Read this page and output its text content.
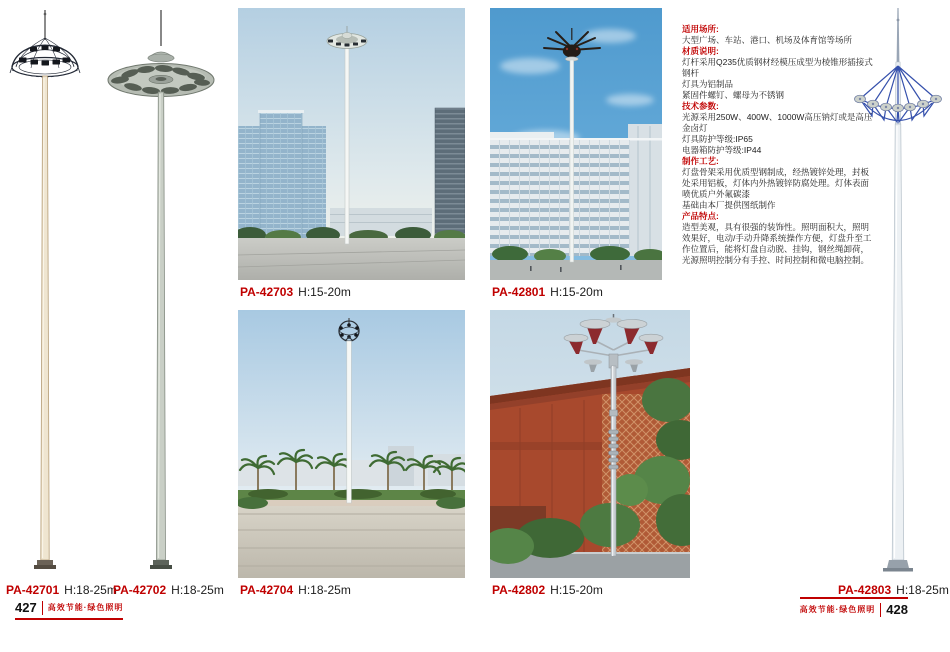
适用场所:
大型广场、车站、港口、机场及体育馆等场所
材质说明:
灯杆采用Q235优质钢材经模压成型为棱锥形插接式钢杆
灯具为铝制品
紧固件螺钉、螺母为不锈钢
技术参数:
光源采用250W、400W、1000W高压钠灯或是高压金卤灯
灯具防护等级:IP65
电器箱防护等级:IP44
制作工艺:
灯盘骨架采用优质型钢制成，经热镀锌处理，封板处采用铝板，灯体内外热镀锌防腐处理。灯体表面喷优质户外氟碳漆
基础由本厂提供图纸制作
产品特点:
造型美观，具有很强的装饰性。照明面积大，照明效果好，电动/手动升降系统操作方便，灯盘升至工作位置后，能将灯盘自动脱、挂钩，钢丝绳卸荷，光源照明控制分有手控、时间控制和微电脑控制。
PA-42701 H:18-25m
PA-42702 H:18-25m
PA-42703 H:15-20m
PA-42704 H:18-25m
PA-42801 H:15-20m
PA-42802 H:15-20m	PA-42803 H:18-25m
427 高效节能·绿色照明	高效节能·绿色照明 428
